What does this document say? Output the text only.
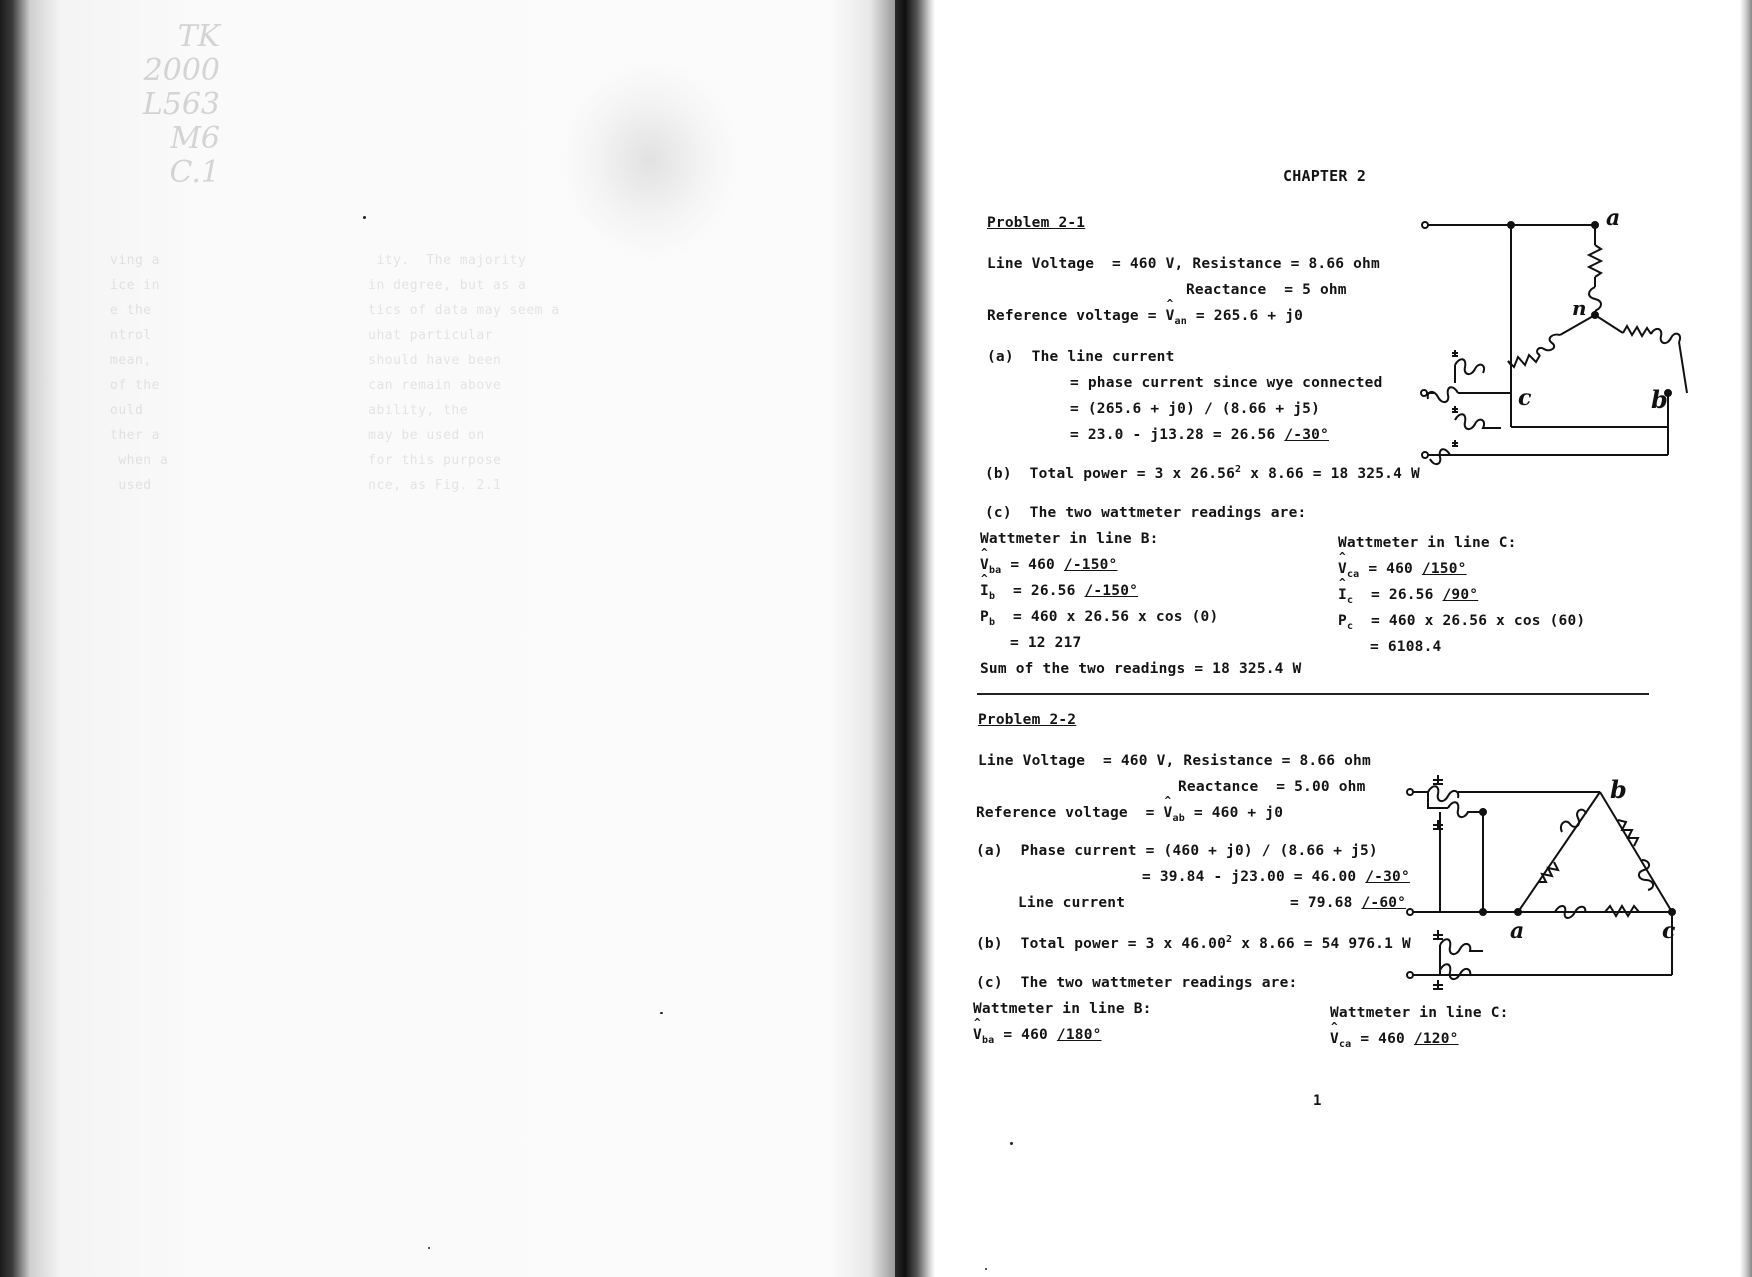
TK
2000
L563
M6
C.1
ving a                          ity.  The majority
ice in                         in degree, but as a
e the                          tics of data may seem a
ntrol                          uhat particular
mean,                          should have been
of the                         can remain above
ould                           ability, the
ther a                         may be used on
when a                        for this purpose
used                          nce, as Fig. 2.1
CHAPTER 2
Problem 2-1
Line Voltage  = 460 V, Resistance = 8.66 ohm
Reactance  = 5 ohm
Reference voltage = ^ $V_{an} = 265.6 + j0$
(a)  The line current
= phase current since wye connected
= (265.6 + j0) / (8.66 + j5)
= 23.0 - j13.28 = 26.56 /-30°
(b)  Total power = 3 x 26.56$^2$ x 8.66 = 18 325.4 W
(c)  The two wattmeter readings are:
Wattmeter in line B:
^ $V_{ba} = 460$ /-150°
^ $I_b = 26.56$ /-150°
$P_b = 460$ x 26.56 x cos (0)
= 12 217
Sum of the two readings = 18 325.4 W
Wattmeter in line C:
^ $V_{ca} = 460$ /150°
^ $I_c = 26.56$ /90°
$P_c = 460$ x 26.56 x cos (60)
= 6108.4
a
n
c	b
Problem 2-2
Line Voltage  = 460 V, Resistance = 8.66 ohm
Reactance  = 5.00 ohm
Reference voltage  = ^ $V_{ab} = 460 + j0$
(a)  Phase current = (460 + j0) / (8.66 + j5)
= 39.84 - j23.00 = 46.00 /-30°
Line current	= 79.68 /-60°
(b)  Total power = 3 x 46.00$^2$ x 8.66 = 54 976.1 W
(c)  The two wattmeter readings are:
Wattmeter in line B:
^ $V_{ba} = 460$ /180°
Wattmeter in line C:
^ $V_{ca} = 460$ /120°
b
a	c
1
